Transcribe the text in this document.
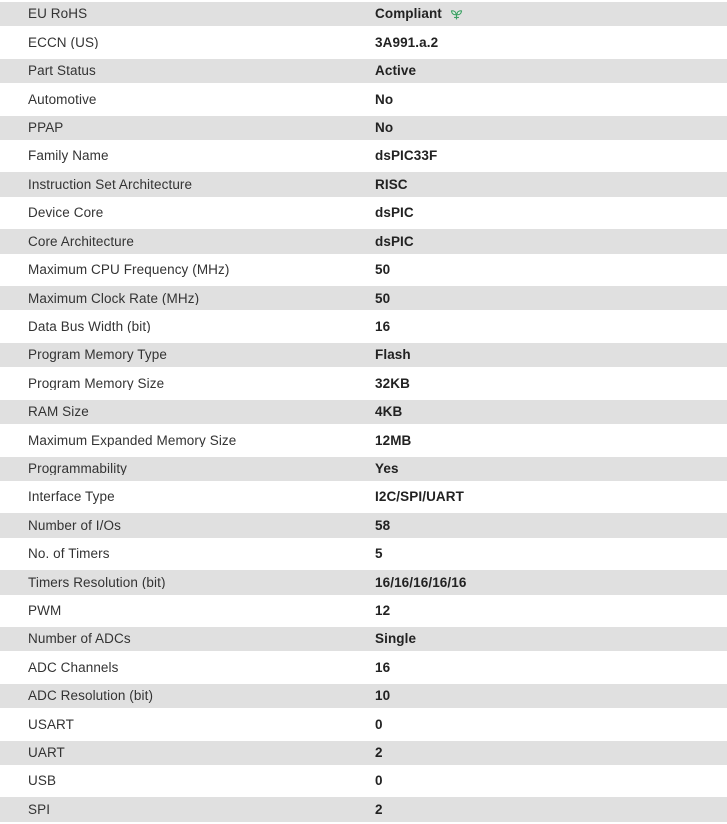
EU RoHS	Compliant
ECCN (US)	3A991.a.2
Part Status	Active
Automotive	No
PPAP	No
Family Name	dsPIC33F
Instruction Set Architecture	RISC
Device Core	dsPIC
Core Architecture	dsPIC
Maximum CPU Frequency (MHz)	50
Maximum Clock Rate (MHz)	50
Data Bus Width (bit)	16
Program Memory Type	Flash
Program Memory Size	32KB
RAM Size	4KB
Maximum Expanded Memory Size	12MB
Programmability	Yes
Interface Type	I2C/SPI/UART
Number of I/Os	58
No. of Timers	5
Timers Resolution (bit)	16/16/16/16/16
PWM	12
Number of ADCs	Single
ADC Channels	16
ADC Resolution (bit)	10
USART	0
UART	2
USB	0
SPI	2
